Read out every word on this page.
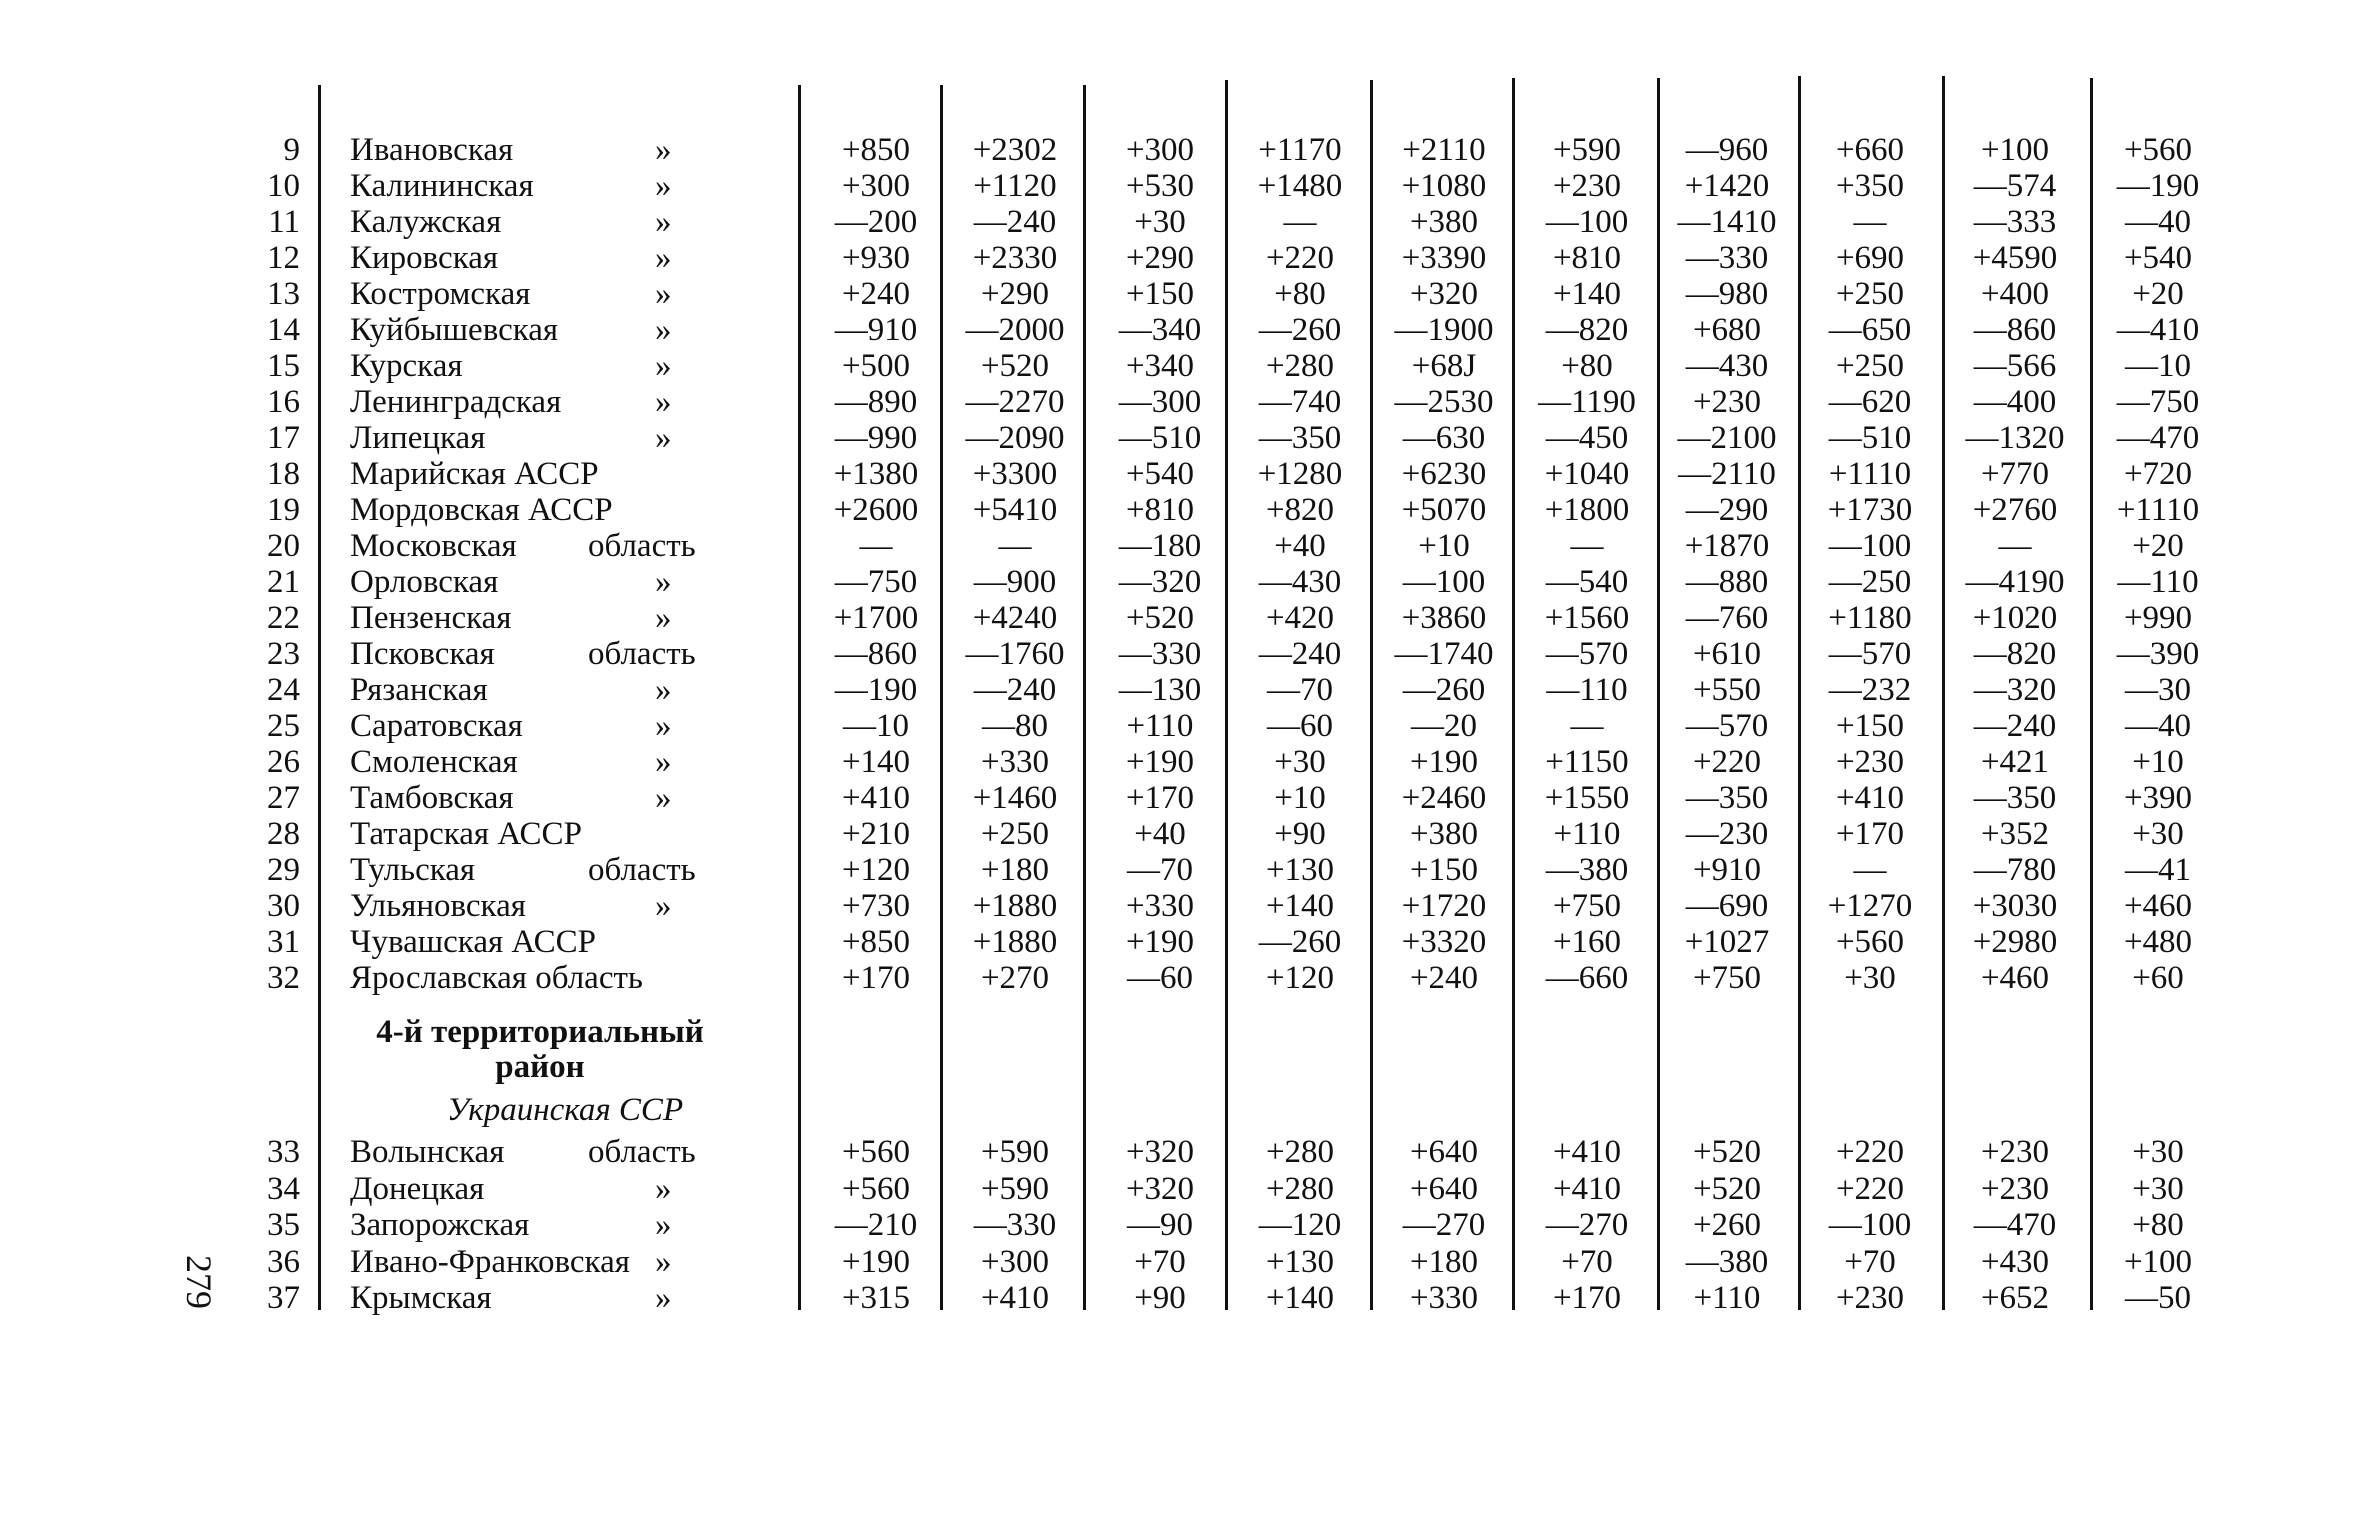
9 Ивановская	»	+850	+2302	+300	+1170	+2110	+590	—960	+660	+100	+560
10 Калининская	»	+300	+1120	+530	+1480	+1080	+230	+1420	+350	—574	—190
11 Калужская	»	—200	—240	+30	—	+380	—100	—1410	—	—333	—40
12 Кировская	»	+930	+2330	+290	+220	+3390	+810	—330	+690	+4590	+540
13 Костромская	»	+240	+290	+150	+80	+320	+140	—980	+250	+400	+20
14 Куйбышевская	»	—910	—2000	—340	—260	—1900	—820	+680	—650	—860	—410
15 Курская	»	+500	+520	+340	+280	+68J	+80	—430	+250	—566	—10
16 Ленинградская	»	—890	—2270	—300	—740	—2530	—1190	+230	—620	—400	—750
17 Липецкая	»	—990	—2090	—510	—350	—630	—450	—2100	—510	—1320	—470
18 Марийская АССР	+1380	+3300	+540	+1280	+6230	+1040	—2110	+1110	+770	+720
19 Мордовская АССР	+2600	+5410	+810	+820	+5070	+1800	—290	+1730	+2760	+1110
20 Московская область	—	—	—180	+40	+10	—	+1870	—100	—	+20
21 Орловская	»	—750	—900	—320	—430	—100	—540	—880	—250	—4190	—110
22 Пензенская	»	+1700	+4240	+520	+420	+3860	+1560	—760	+1180	+1020	+990
23 Псковская	область	—860	—1760	—330	—240	—1740	—570	+610	—570	—820	—390
24 Рязанская	»	—190	—240	—130	—70	—260	—110	+550	—232	—320	—30
25 Саратовская	»	—10	—80	+110	—60	—20	—	—570	+150	—240	—40
26 Смоленская	»	+140	+330	+190	+30	+190	+1150	+220	+230	+421	+10
27 Тамбовская	»	+410	+1460	+170	+10	+2460	+1550	—350	+410	—350	+390
28 Татарская АССР	+210	+250	+40	+90	+380	+110	—230	+170	+352	+30
29 Тульская	область	+120	+180	—70	+130	+150	—380	+910	—	—780	—41
30 Ульяновская	»	+730	+1880	+330	+140	+1720	+750	—690	+1270	+3030	+460
31 Чувашская АССР	+850	+1880	+190	—260	+3320	+160	+1027	+560	+2980	+480
32 Ярославская область	+170	+270	—60	+120	+240	—660	+750	+30	+460	+60
33 Волынская	область	+560	+590	+320	+280	+640	+410	+520	+220	+230	+30
34 Донецкая	»	+560	+590	+320	+280	+640	+410	+520	+220	+230	+30
35 Запорожская	»	—210	—330	—90	—120	—270	—270	+260	—100	—470	+80
36 Ивано-Франковская »	+190	+300	+70	+130	+180	+70	—380	+70	+430	+100
37 Крымская	»	+315	+410	+90	+140	+330	+170	+110	+230	+652	—50
4-й территориальный
район
Украинская ССР
279
